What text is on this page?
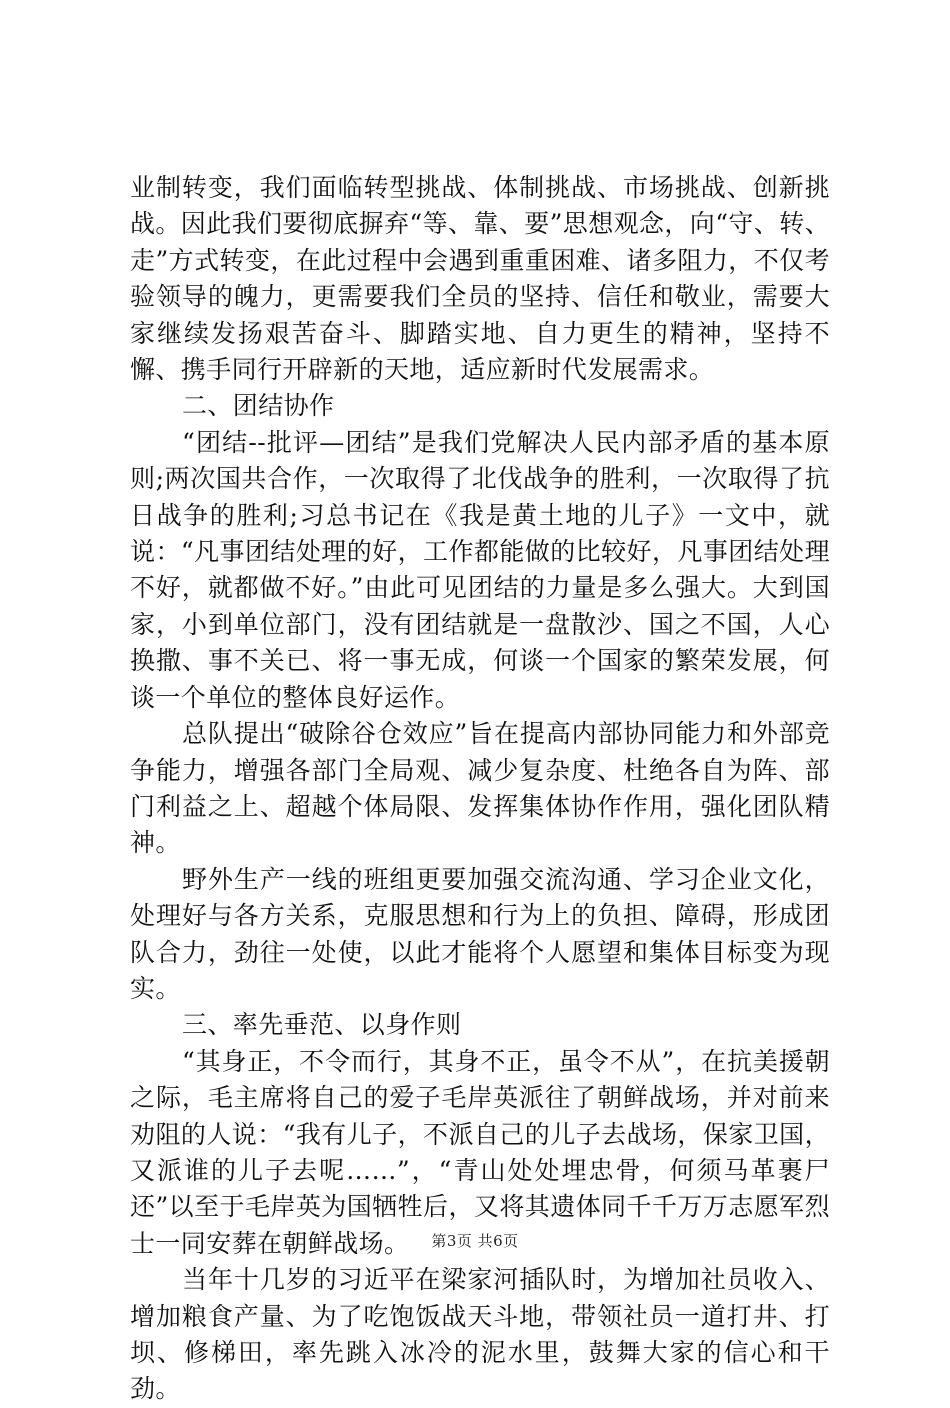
业制转变，我们面临转型挑战、体制挑战、市场挑战、创新挑战。因此我们要彻底摒弃“等、靠、要”思想观念，向“守、转、走”方式转变，在此过程中会遇到重重困难、诸多阻力，不仅考验领导的魄力，更需要我们全员的坚持、信任和敬业，需要大家继续发扬艰苦奋斗、脚踏实地、自力更生的精神，坚持不懈、携手同行开辟新的天地，适应新时代发展需求。

二、团结协作

“团结--批评—团结”是我们党解决人民内部矛盾的基本原则;两次国共合作，一次取得了北伐战争的胜利，一次取得了抗日战争的胜利;习总书记在《我是黄土地的儿子》一文中，就说：“凡事团结处理的好，工作都能做的比较好，凡事团结处理不好，就都做不好。”由此可见团结的力量是多么强大。大到国家，小到单位部门，没有团结就是一盘散沙、国之不国，人心换撒、事不关已、将一事无成，何谈一个国家的繁荣发展，何谈一个单位的整体良好运作。

总队提出“破除谷仓效应”旨在提高内部协同能力和外部竞争能力，增强各部门全局观、减少复杂度、杜绝各自为阵、部门利益之上、超越个体局限、发挥集体协作作用，强化团队精神。

野外生产一线的班组更要加强交流沟通、学习企业文化，处理好与各方关系，克服思想和行为上的负担、障碍，形成团队合力，劲往一处使，以此才能将个人愿望和集体目标变为现实。

三、率先垂范、以身作则

“其身正，不令而行，其身不正，虽令不从”，在抗美援朝之际，毛主席将自己的爱子毛岸英派往了朝鲜战场，并对前来劝阻的人说：“我有儿子，不派自己的儿子去战场，保家卫国，又派谁的儿子去呢……”，“青山处处埋忠骨，何须马革裹尸还”以至于毛岸英为国牺牲后，又将其遗体同千千万万志愿军烈士一同安葬在朝鲜战场。

当年十几岁的习近平在梁家河插队时，为增加社员收入、增加粮食产量、为了吃饱饭战天斗地，带领社员一道打井、打坝、修梯田，率先跳入冰冷的泥水里，鼓舞大家的信心和干劲。

第3页 共6页
